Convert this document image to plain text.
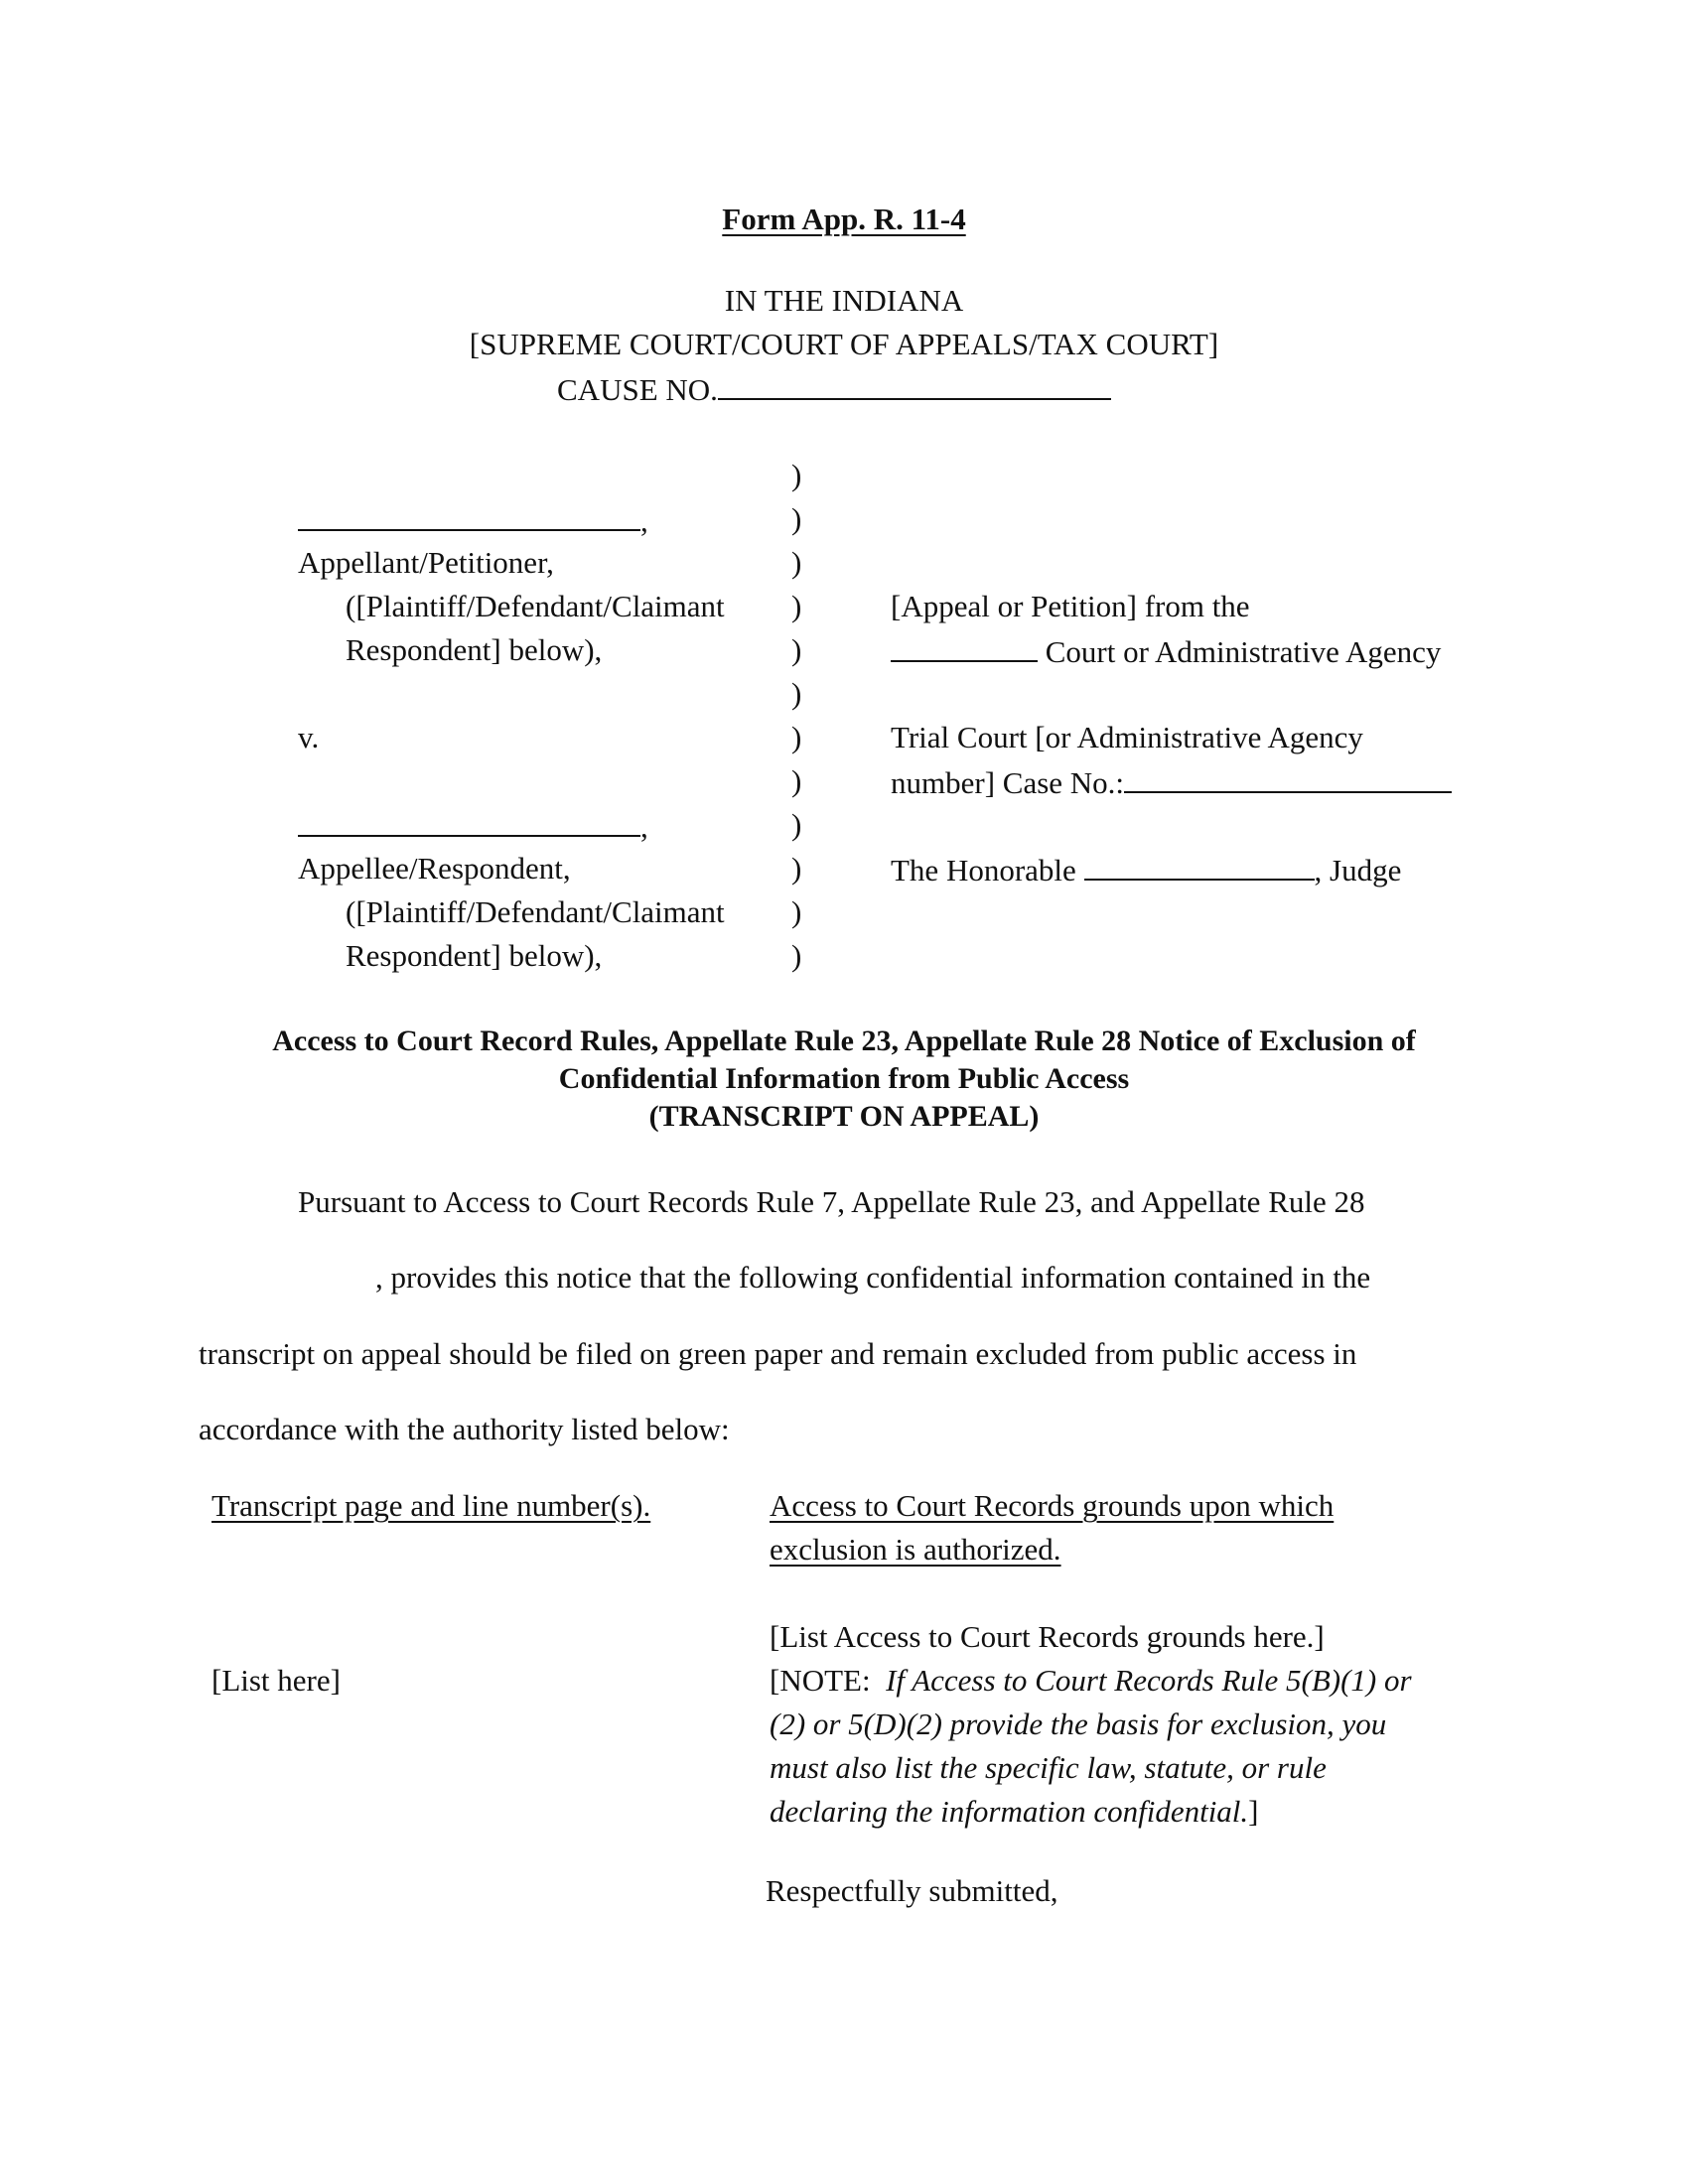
Form App. R. 11-4
IN THE INDIANA
[SUPREME COURT/COURT OF APPEALS/TAX COURT]
CAUSE NO.
,
Appellant/Petitioner,
([Plaintiff/Defendant/Claimant
Respondent] below),
v.
,
Appellee/Respondent,
([Plaintiff/Defendant/Claimant
Respondent] below),
)
)
)
)
)
)
)
)
)
)
)
)
[Appeal or Petition] from the
Court or Administrative Agency
Trial Court [or Administrative Agency
number] Case No.:
The Honorable	, Judge
Access to Court Record Rules, Appellate Rule 23, Appellate Rule 28 Notice of Exclusion of
Confidential Information from Public Access
(TRANSCRIPT ON APPEAL)
Pursuant to Access to Court Records Rule 7, Appellate Rule 23, and Appellate Rule 28
, provides this notice that the following confidential information contained in the
transcript on appeal should be filed on green paper and remain excluded from public access in
accordance with the authority listed below:
Transcript page and line number(s).	Access to Court Records grounds upon which
exclusion is authorized.
[List here]
[List Access to Court Records grounds here.]
[NOTE:  If Access to Court Records Rule 5(B)(1) or
(2) or 5(D)(2) provide the basis for exclusion, you
must also list the specific law, statute, or rule
declaring the information confidential.]
Respectfully submitted,
